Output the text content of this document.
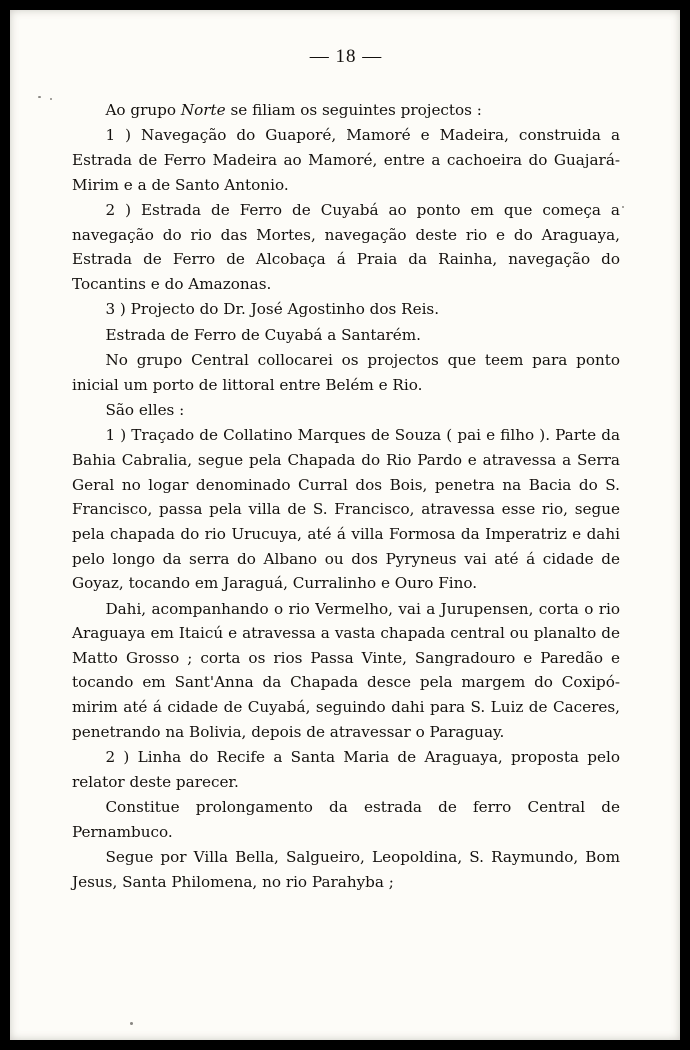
— 18 —

Ao grupo Norte se filiam os seguintes projectos :

1 ) Navegação do Guaporé, Mamoré e Madeira, construida a Estrada de Ferro Madeira ao Mamoré, entre a cachoeira do Guajará-Mirim e a de Santo Antonio.

2 ) Estrada de Ferro de Cuyabá ao ponto em que começa a navegação do rio das Mortes, navegação deste rio e do Araguaya, Estrada de Ferro de Alcobaça á Praia da Rainha, navegação do Tocantins e do Amazonas.

3 ) Projecto do Dr. José Agostinho dos Reis.

Estrada de Ferro de Cuyabá a Santarém.

No grupo Central collocarei os projectos que teem para ponto inicial um porto de littoral entre Belém e Rio.

São elles :

1 ) Traçado de Collatino Marques de Souza ( pai e filho ). Parte da Bahia Cabralia, segue pela Chapada do Rio Pardo e atravessa a Serra Geral no logar denominado Curral dos Bois, penetra na Bacia do S. Francisco, passa pela villa de S. Francisco, atravessa esse rio, segue pela chapada do rio Urucuya, até á villa Formosa da Imperatriz e dahi pelo longo da serra do Albano ou dos Pyryneus vai até á cidade de Goyaz, tocando em Jaraguá, Curralinho e Ouro Fino.

Dahi, acompanhando o rio Vermelho, vai a Jurupensen, corta o rio Araguaya em Itaicú e atravessa a vasta chapada central ou planalto de Matto Grosso ; corta os rios Passa Vinte, Sangradouro e Paredão e tocando em Sant'Anna da Chapada desce pela margem do Coxipó-mirim até á cidade de Cuyabá, seguindo dahi para S. Luiz de Caceres, penetrando na Bolivia, depois de atravessar o Paraguay.

2 ) Linha do Recife a Santa Maria de Araguaya, proposta pelo relator deste parecer.

Constitue prolongamento da estrada de ferro Central de Pernambuco.

Segue por Villa Bella, Salgueiro, Leopoldina, S. Raymundo, Bom Jesus, Santa Philomena, no rio Parahyba ;
